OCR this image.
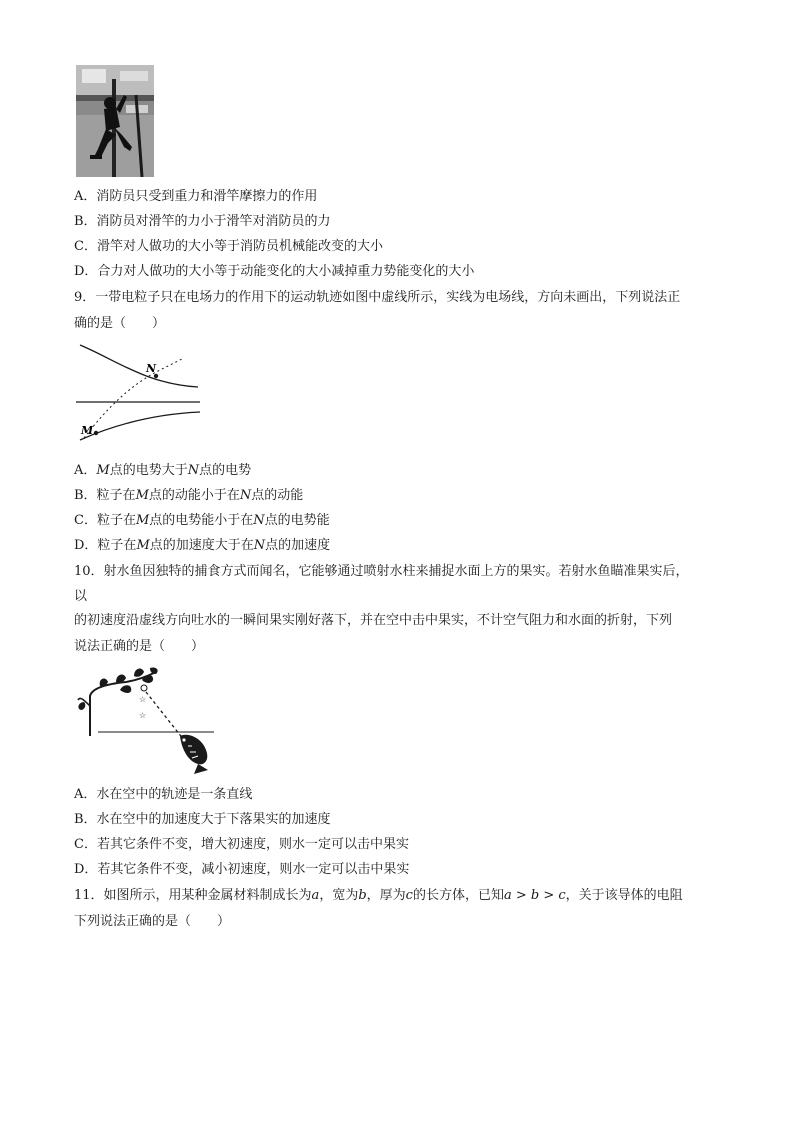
A．消防员只受到重力和滑竿摩擦力的作用
B．消防员对滑竿的力小于滑竿对消防员的力
C．滑竿对人做功的大小等于消防员机械能改变的大小
D．合力对人做功的大小等于动能变化的大小减掉重力势能变化的大小
9．一带电粒子只在电场力的作用下的运动轨迹如图中虚线所示，实线为电场线，方向未画出，下列说法正
确的是（　　）
N
M
A．M点的电势大于N点的电势
B．粒子在M点的动能小于在N点的动能
C．粒子在M点的电势能小于在N点的电势能
D．粒子在M点的加速度大于在N点的加速度
10．射水鱼因独特的捕食方式而闻名，它能够通过喷射水柱来捕捉水面上方的果实。若射水鱼瞄准果实后，
以
的初速度沿虚线方向吐水的一瞬间果实刚好落下，并在空中击中果实，不计空气阻力和水面的折射，下列
说法正确的是（　　）
☆
☆
A．水在空中的轨迹是一条直线
B．水在空中的加速度大于下落果实的加速度
C．若其它条件不变，增大初速度，则水一定可以击中果实
D．若其它条件不变，减小初速度，则水一定可以击中果实
11．如图所示，用某种金属材料制成长为a，宽为b，厚为c的长方体，已知a > b > c，关于该导体的电阻
下列说法正确的是（　　）
